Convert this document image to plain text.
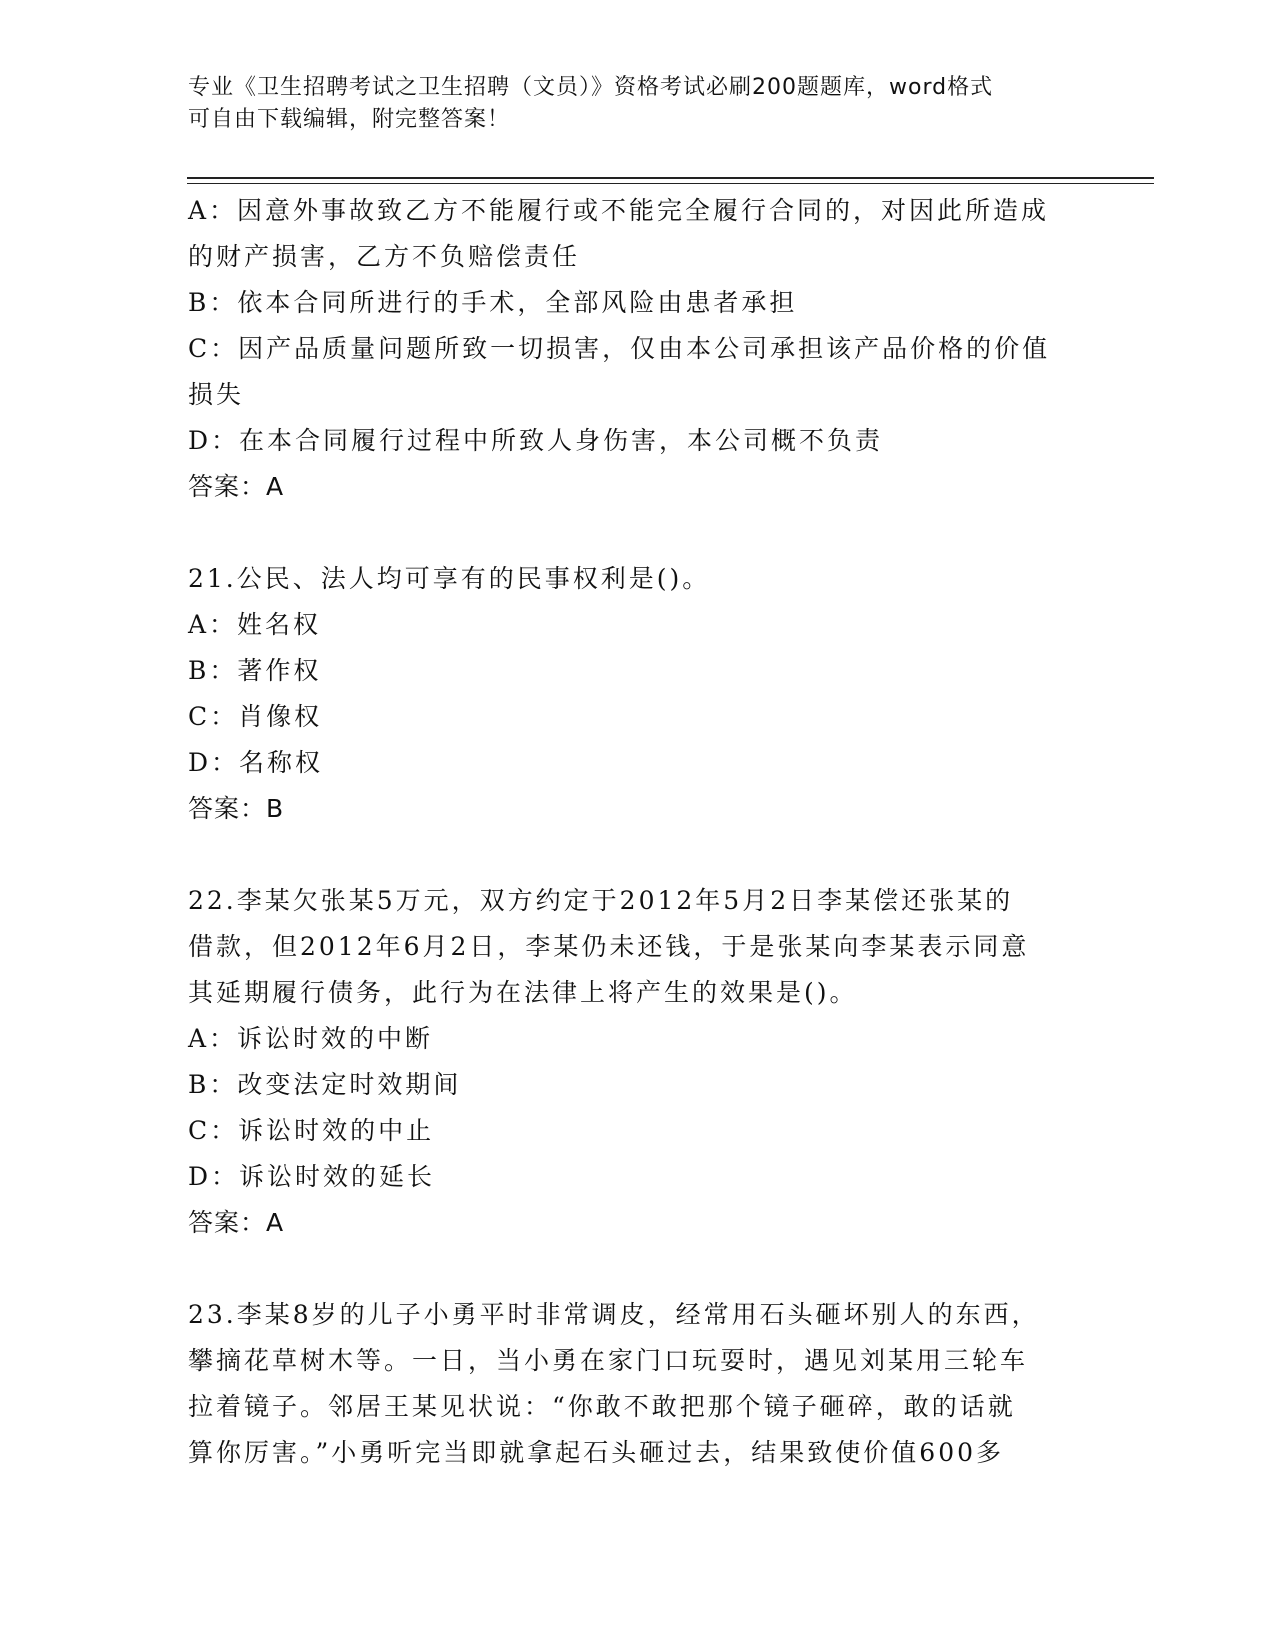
专业《卫生招聘考试之卫生招聘（文员）》资格考试必刷200题题库，word格式

可自由下载编辑，附完整答案！

A：因意外事故致乙方不能履行或不能完全履行合同的，对因此所造成

的财产损害，乙方不负赔偿责任

B：依本合同所进行的手术，全部风险由患者承担

C：因产品质量问题所致一切损害，仅由本公司承担该产品价格的价值

损失

D：在本合同履行过程中所致人身伤害，本公司概不负责

答案：A

21.公民、法人均可享有的民事权利是()。

A：姓名权

B：著作权

C：肖像权

D：名称权

答案：B

22.李某欠张某5万元，双方约定于2012年5月2日李某偿还张某的

借款，但2012年6月2日，李某仍未还钱，于是张某向李某表示同意

其延期履行债务，此行为在法律上将产生的效果是()。

A：诉讼时效的中断

B：改变法定时效期间

C：诉讼时效的中止

D：诉讼时效的延长

答案：A

23.李某8岁的儿子小勇平时非常调皮，经常用石头砸坏别人的东西，

攀摘花草树木等。一日，当小勇在家门口玩耍时，遇见刘某用三轮车

拉着镜子。邻居王某见状说：“你敢不敢把那个镜子砸碎，敢的话就

算你厉害。”小勇听完当即就拿起石头砸过去，结果致使价值600多
